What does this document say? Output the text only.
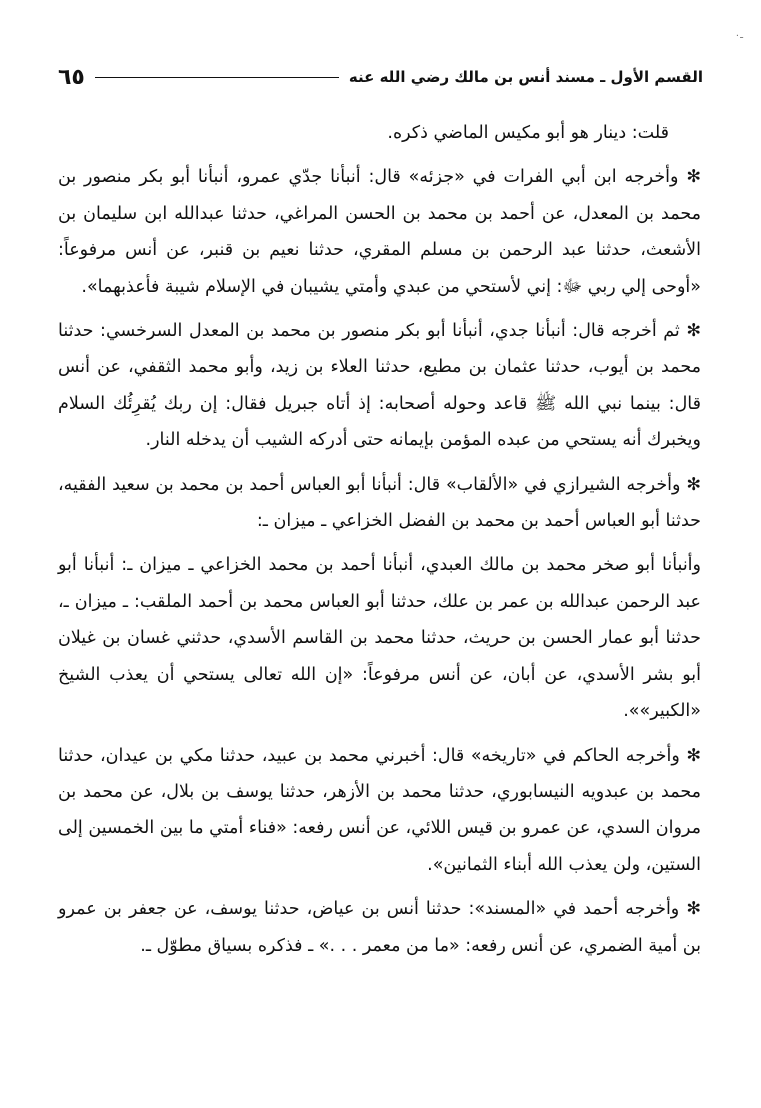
ـ٠
القسم الأول ـ مسند أنس بن مالك رضي الله عنه
٦٥

قلت: دينار هو أبو مكيس الماضي ذكره.

✻ وأخرجه ابن أبي الفرات في «جزئه» قال: أنبأنا جدّي عمرو، أنبأنا أبو بكر منصور بن محمد بن المعدل، عن أحمد بن محمد بن الحسن المراغي، حدثنا عبدالله ابن سليمان بن الأشعث، حدثنا عبد الرحمن بن مسلم المقري، حدثنا نعيم بن قنبر، عن أنس مرفوعاً: «أوحى إلي ربي ﷻ: إني لأستحي من عبدي وأمتي يشيبان في الإسلام شيبة فأعذبهما».

✻ ثم أخرجه قال: أنبأنا جدي، أنبأنا أبو بكر منصور بن محمد بن المعدل السرخسي: حدثنا محمد بن أيوب، حدثنا عثمان بن مطيع، حدثنا العلاء بن زيد، وأبو محمد الثقفي، عن أنس قال: بينما نبي الله ﷺ قاعد وحوله أصحابه: إذ أتاه جبريل فقال: إن ربك يُقرِئُك السلام ويخبرك أنه يستحي من عبده المؤمن بإيمانه حتى أدركه الشيب أن يدخله النار.

✻ وأخرجه الشيرازي في «الألقاب» قال: أنبأنا أبو العباس أحمد بن محمد بن سعيد الفقيه، حدثنا أبو العباس أحمد بن محمد بن الفضل الخزاعي ـ ميزان ـ:

وأنبأنا أبو صخر محمد بن مالك العبدي، أنبأنا أحمد بن محمد الخزاعي ـ ميزان ـ: أنبأنا أبو عبد الرحمن عبدالله بن عمر بن علك، حدثنا أبو العباس محمد بن أحمد الملقب: ـ ميزان ـ، حدثنا أبو عمار الحسن بن حريث، حدثنا محمد بن القاسم الأسدي، حدثني غسان بن غيلان أبو بشر الأسدي، عن أبان، عن أنس مرفوعاً: «إن الله تعالى يستحي أن يعذب الشيخ «الكبير»».

✻ وأخرجه الحاكم في «تاريخه» قال: أخبرني محمد بن عبيد، حدثنا مكي بن عيدان، حدثنا محمد بن عبدويه النيسابوري، حدثنا محمد بن الأزهر، حدثنا يوسف بن بلال، عن محمد بن مروان السدي، عن عمرو بن قيس اللائي، عن أنس رفعه: «فناء أمتي ما بين الخمسين إلى الستين، ولن يعذب الله أبناء الثمانين».

✻ وأخرجه أحمد في «المسند»: حدثنا أنس بن عياض، حدثنا يوسف، عن جعفر بن عمرو بن أمية الضمري، عن أنس رفعه: «ما من معمر . . .» ـ فذكره بسياق مطوّل ـ.
